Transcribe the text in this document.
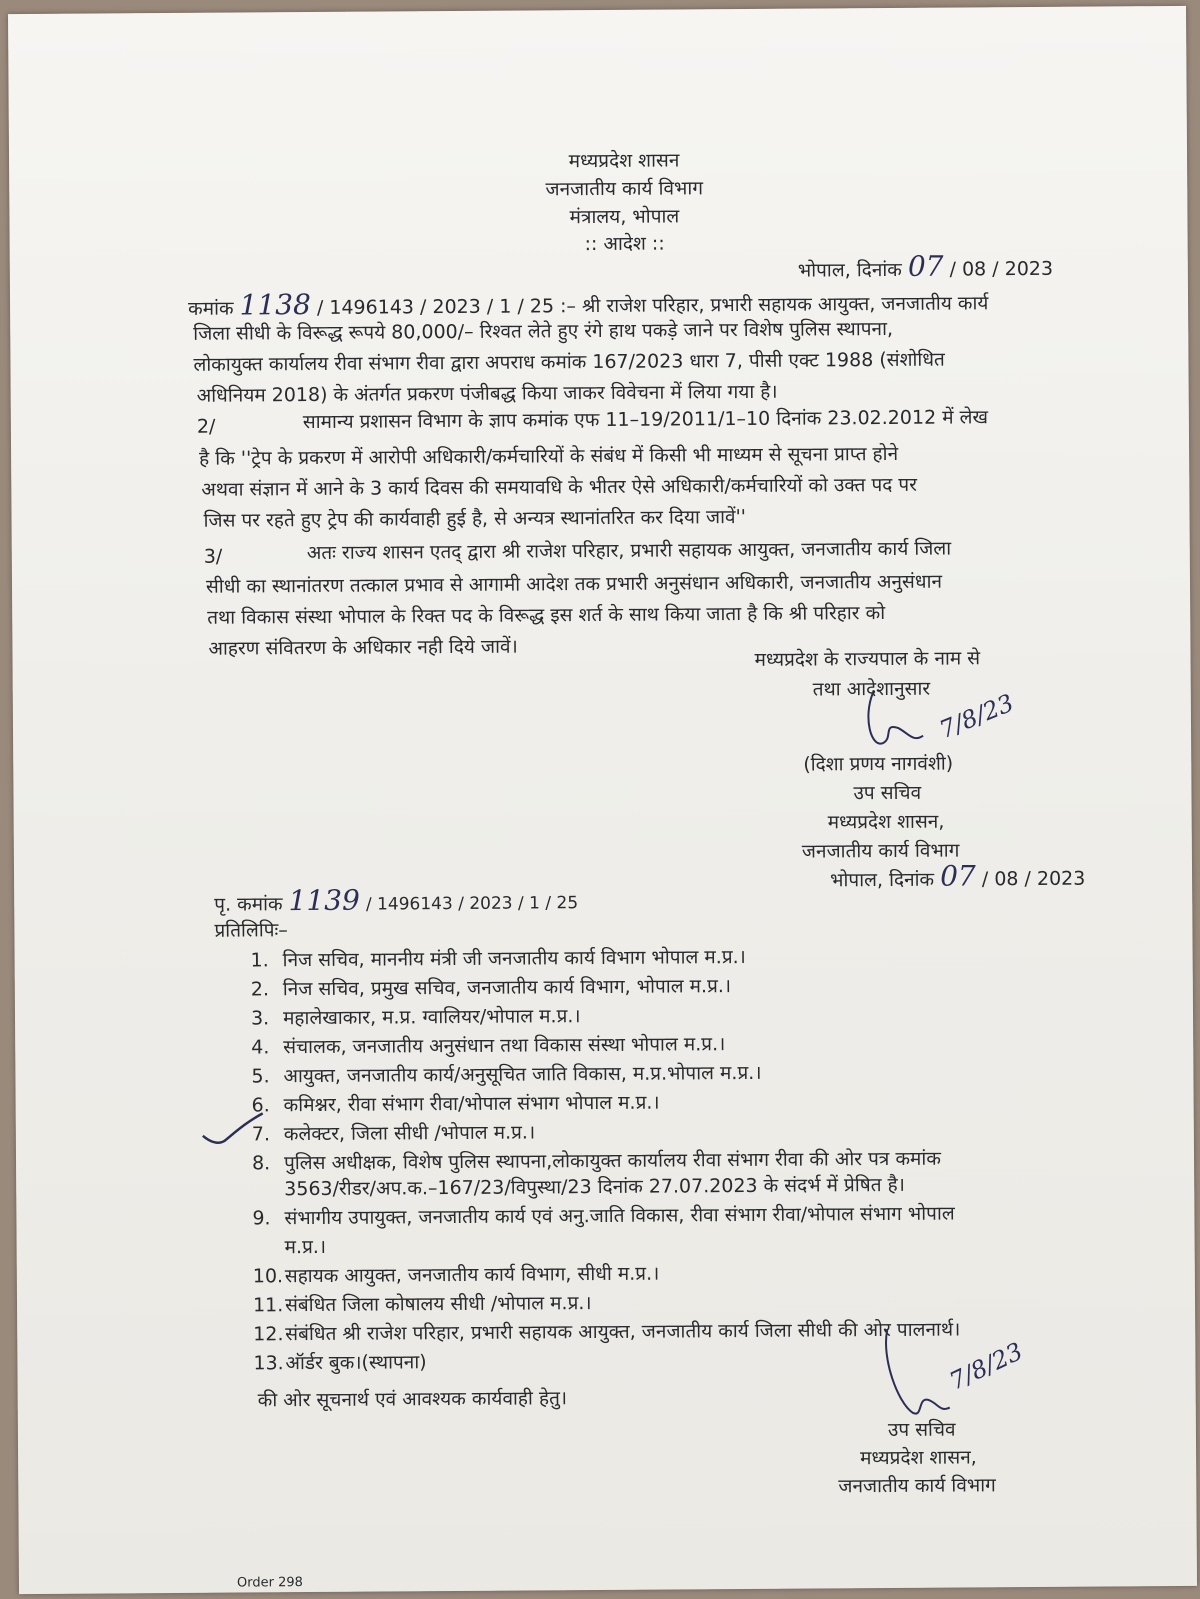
मध्यप्रदेश शासन
जनजातीय कार्य विभाग
मंत्रालय, भोपाल
:: आदेश ::
भोपाल, दिनांक 07 / 08 / 2023
कमांक 1138 / 1496143 / 2023 / 1 / 25 :– श्री राजेश परिहार, प्रभारी सहायक आयुक्त, जनजातीय कार्य
जिला सीधी के विरूद्ध रूपये 80,000/– रिश्वत लेते हुए रंगे हाथ पकड़े जाने पर विशेष पुलिस स्थापना,
लोकायुक्त कार्यालय रीवा संभाग रीवा द्वारा अपराध कमांक 167/2023 धारा 7, पीसी एक्ट 1988 (संशोधित
अधिनियम 2018) के अंतर्गत प्रकरण पंजीबद्ध किया जाकर विवेचना में लिया गया है।
2/	सामान्य प्रशासन विभाग के ज्ञाप कमांक एफ 11–19/2011/1–10 दिनांक 23.02.2012 में लेख
है कि ''ट्रेप के प्रकरण में आरोपी अधिकारी/कर्मचारियों के संबंध में किसी भी माध्यम से सूचना प्राप्त होने
अथवा संज्ञान में आने के 3 कार्य दिवस की समयावधि के भीतर ऐसे अधिकारी/कर्मचारियों को उक्त पद पर
जिस पर रहते हुए ट्रेप की कार्यवाही हुई है, से अन्यत्र स्थानांतरित कर दिया जावें''
3/	अतः राज्य शासन एतद् द्वारा श्री राजेश परिहार, प्रभारी सहायक आयुक्त, जनजातीय कार्य जिला
सीधी का स्थानांतरण तत्काल प्रभाव से आगामी आदेश तक प्रभारी अनुसंधान अधिकारी, जनजातीय अनुसंधान
तथा विकास संस्था भोपाल के रिक्त पद के विरूद्ध इस शर्त के साथ किया जाता है कि श्री परिहार को
आहरण संवितरण के अधिकार नही दिये जावें।	मध्यप्रदेश के राज्यपाल के नाम से
तथा आदेशानुसार 7/8/23
(दिशा प्रणय नागवंशी)
उप सचिव
मध्यप्रदेश शासन,
जनजातीय कार्य विभाग
भोपाल, दिनांक 07 / 08 / 2023
पृ. कमांक 1139 / 1496143 / 2023 / 1 / 25
प्रतिलिपिः–
1. निज सचिव, माननीय मंत्री जी जनजातीय कार्य विभाग भोपाल म.प्र.।
2. निज सचिव, प्रमुख सचिव, जनजातीय कार्य विभाग, भोपाल म.प्र.।
3. महालेखाकार, म.प्र. ग्वालियर/भोपाल म.प्र.।
4. संचालक, जनजातीय अनुसंधान तथा विकास संस्था भोपाल म.प्र.।
5. आयुक्त, जनजातीय कार्य/अनुसूचित जाति विकास, म.प्र.भोपाल म.प्र.।
6. कमिश्नर, रीवा संभाग रीवा/भोपाल संभाग भोपाल म.प्र.।
7. कलेक्टर, जिला सीधी /भोपाल म.प्र.।
8. पुलिस अधीक्षक, विशेष पुलिस स्थापना,लोकायुक्त कार्यालय रीवा संभाग रीवा की ओर पत्र कमांक
3563/रीडर/अप.क.–167/23/विपुस्था/23 दिनांक 27.07.2023 के संदर्भ में प्रेषित है।
9. संभागीय उपायुक्त, जनजातीय कार्य एवं अनु.जाति विकास, रीवा संभाग रीवा/भोपाल संभाग भोपाल
म.प्र.।
10.सहायक आयुक्त, जनजातीय कार्य विभाग, सीधी म.प्र.।
11.संबंधित जिला कोषालय सीधी /भोपाल म.प्र.।
12.संबंधित श्री राजेश परिहार, प्रभारी सहायक आयुक्त, जनजातीय कार्य जिला सीधी की ओर पालनार्थ।
13.ऑर्डर बुक।(स्थापना)
की ओर सूचनार्थ एवं आवश्यक कार्यवाही हेतु।
7/8/23
उप सचिव
मध्यप्रदेश शासन,
जनजातीय कार्य विभाग
Order 298
